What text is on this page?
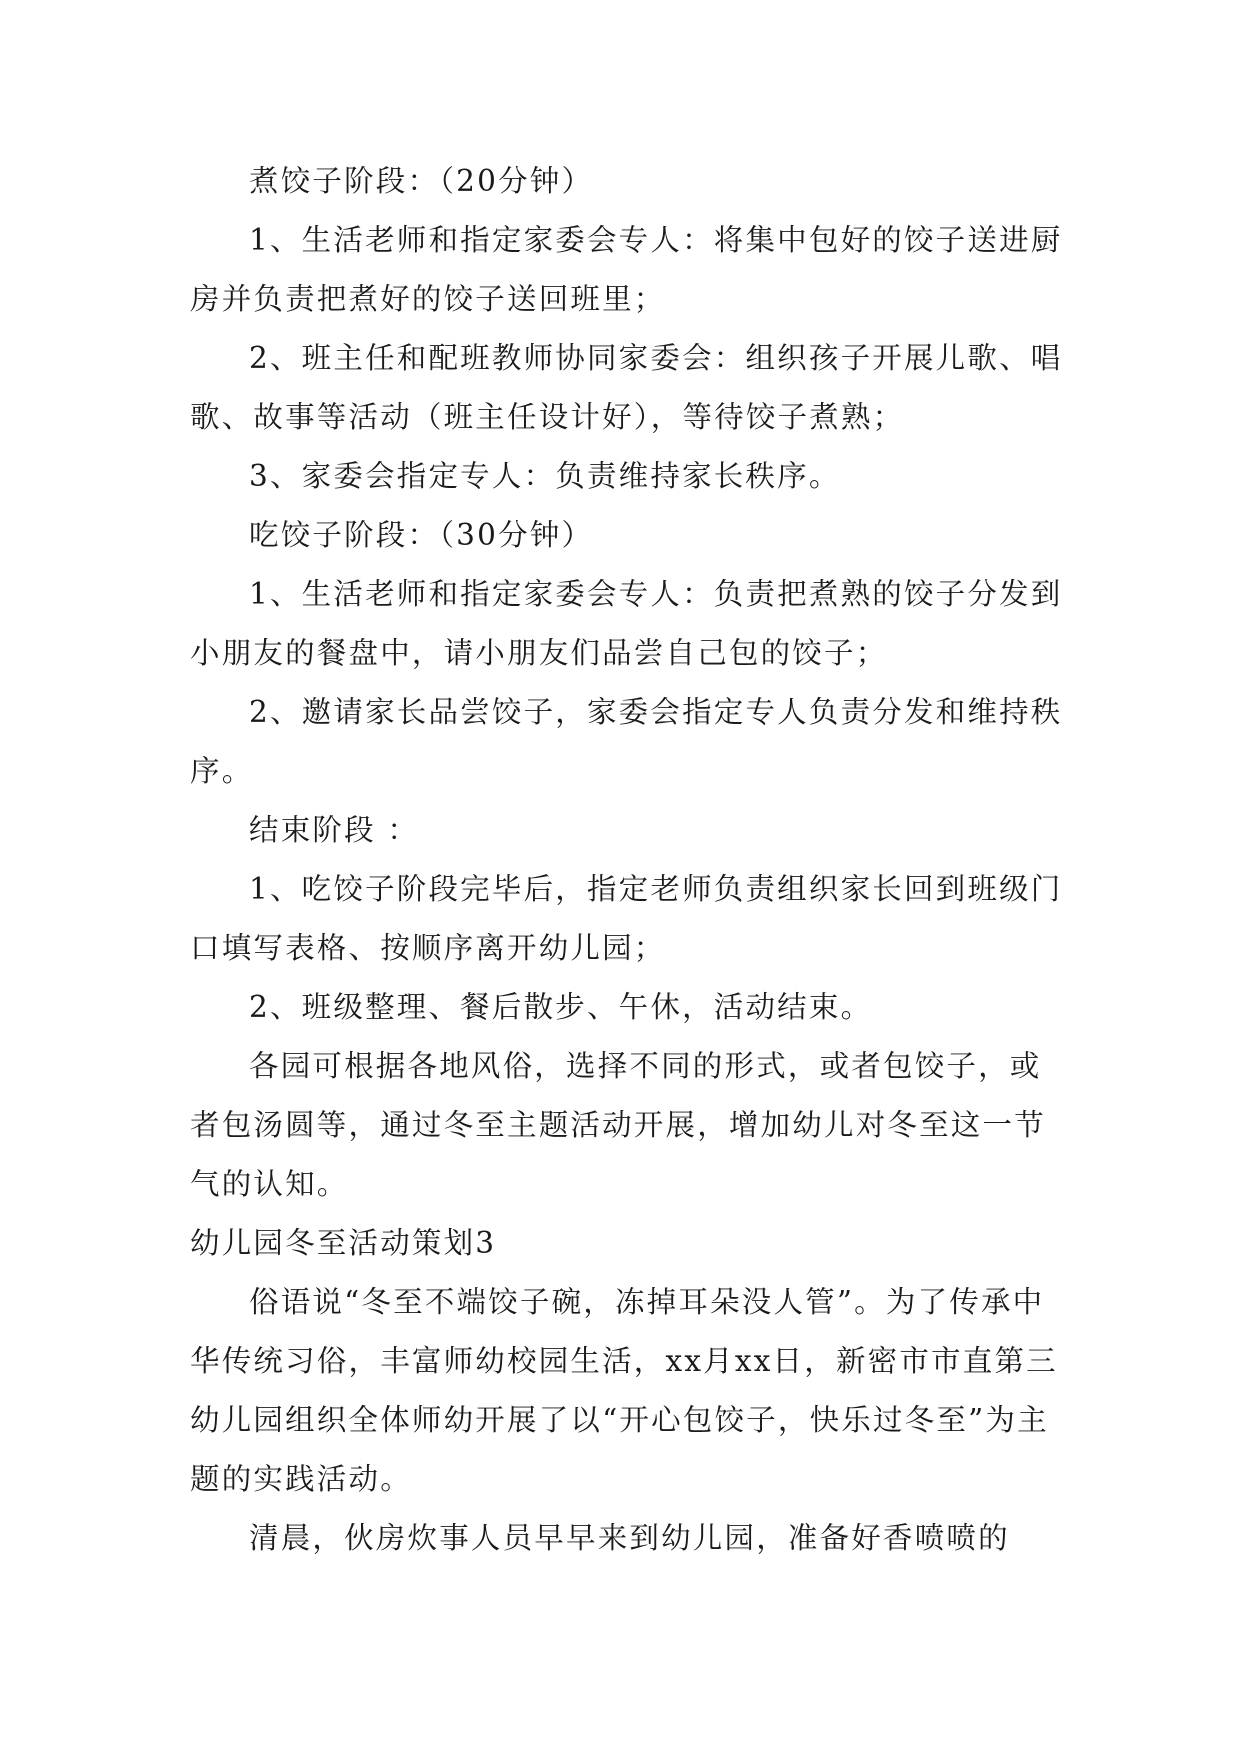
煮饺子阶段：（20分钟）

1、生活老师和指定家委会专人：将集中包好的饺子送进厨房并负责把煮好的饺子送回班里；

2、班主任和配班教师协同家委会：组织孩子开展儿歌、唱歌、故事等活动（班主任设计好），等待饺子煮熟；

3、家委会指定专人：负责维持家长秩序。

吃饺子阶段：（30分钟）

1、生活老师和指定家委会专人：负责把煮熟的饺子分发到小朋友的餐盘中，请小朋友们品尝自己包的饺子；

2、邀请家长品尝饺子，家委会指定专人负责分发和维持秩序。

结束阶段 ：

1、吃饺子阶段完毕后，指定老师负责组织家长回到班级门口填写表格、按顺序离开幼儿园；

2、班级整理、餐后散步、午休，活动结束。

各园可根据各地风俗，选择不同的形式，或者包饺子，或者包汤圆等，通过冬至主题活动开展，增加幼儿对冬至这一节气的认知。

幼儿园冬至活动策划3

俗语说“冬至不端饺子碗，冻掉耳朵没人管”。为了传承中华传统习俗，丰富师幼校园生活，xx月xx日，新密市市直第三幼儿园组织全体师幼开展了以“开心包饺子，快乐过冬至”为主题的实践活动。

清晨，伙房炊事人员早早来到幼儿园，准备好香喷喷的
